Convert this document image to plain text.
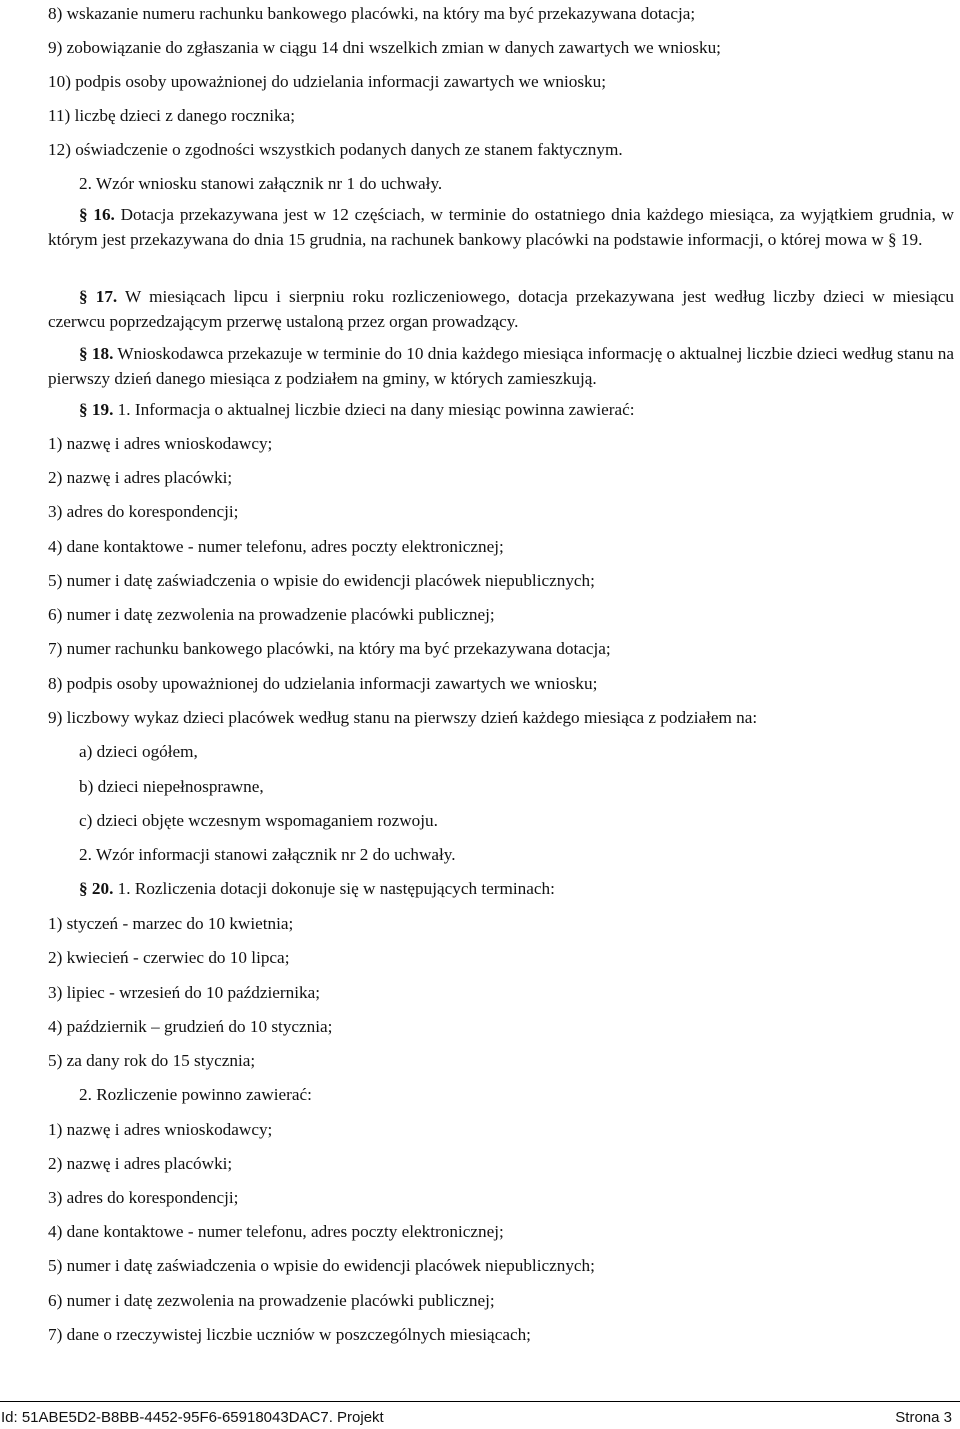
8) wskazanie numeru rachunku bankowego placówki, na który ma być przekazywana dotacja;
9) zobowiązanie do zgłaszania w ciągu 14 dni wszelkich zmian w danych zawartych we wniosku;
10) podpis osoby upoważnionej do udzielania informacji zawartych we wniosku;
11) liczbę dzieci z danego rocznika;
12) oświadczenie o zgodności wszystkich podanych danych ze stanem faktycznym.
2. Wzór wniosku stanowi załącznik nr 1 do uchwały.
§ 16. Dotacja przekazywana jest w 12 częściach, w terminie do ostatniego dnia każdego miesiąca, za wyjątkiem grudnia, w którym jest przekazywana do dnia 15 grudnia, na rachunek bankowy placówki na podstawie informacji, o której mowa w § 19.
§ 17. W miesiącach lipcu i sierpniu roku rozliczeniowego, dotacja przekazywana jest według liczby dzieci w miesiącu czerwcu poprzedzającym przerwę ustaloną przez organ prowadzący.
§ 18. Wnioskodawca przekazuje w terminie do 10 dnia każdego miesiąca informację o aktualnej liczbie dzieci według stanu na pierwszy dzień danego miesiąca z podziałem na gminy, w których zamieszkują.
§ 19. 1. Informacja o aktualnej liczbie dzieci na dany miesiąc powinna zawierać:
1) nazwę i adres wnioskodawcy;
2) nazwę i adres placówki;
3) adres do korespondencji;
4) dane kontaktowe - numer telefonu, adres poczty elektronicznej;
5) numer i datę zaświadczenia o wpisie do ewidencji placówek niepublicznych;
6) numer i datę zezwolenia na prowadzenie placówki publicznej;
7) numer rachunku bankowego placówki, na który ma być przekazywana dotacja;
8) podpis osoby upoważnionej do udzielania informacji zawartych we wniosku;
9) liczbowy wykaz dzieci placówek według stanu na pierwszy dzień każdego miesiąca z podziałem na:
a) dzieci ogółem,
b) dzieci niepełnosprawne,
c) dzieci objęte wczesnym wspomaganiem rozwoju.
2. Wzór informacji stanowi załącznik nr 2 do uchwały.
§ 20. 1. Rozliczenia dotacji dokonuje się w następujących terminach:
1) styczeń - marzec do 10 kwietnia;
2) kwiecień - czerwiec do 10 lipca;
3) lipiec - wrzesień do 10 października;
4) październik – grudzień do 10 stycznia;
5) za dany rok do 15 stycznia;
2. Rozliczenie powinno zawierać:
1) nazwę i adres wnioskodawcy;
2) nazwę i adres placówki;
3) adres do korespondencji;
4) dane kontaktowe - numer telefonu, adres poczty elektronicznej;
5) numer i datę zaświadczenia o wpisie do ewidencji placówek niepublicznych;
6) numer i datę zezwolenia na prowadzenie placówki publicznej;
7) dane o rzeczywistej liczbie uczniów w poszczególnych miesiącach;
Id: 51ABE5D2-B8BB-4452-95F6-65918043DAC7. Projekt	Strona 3
